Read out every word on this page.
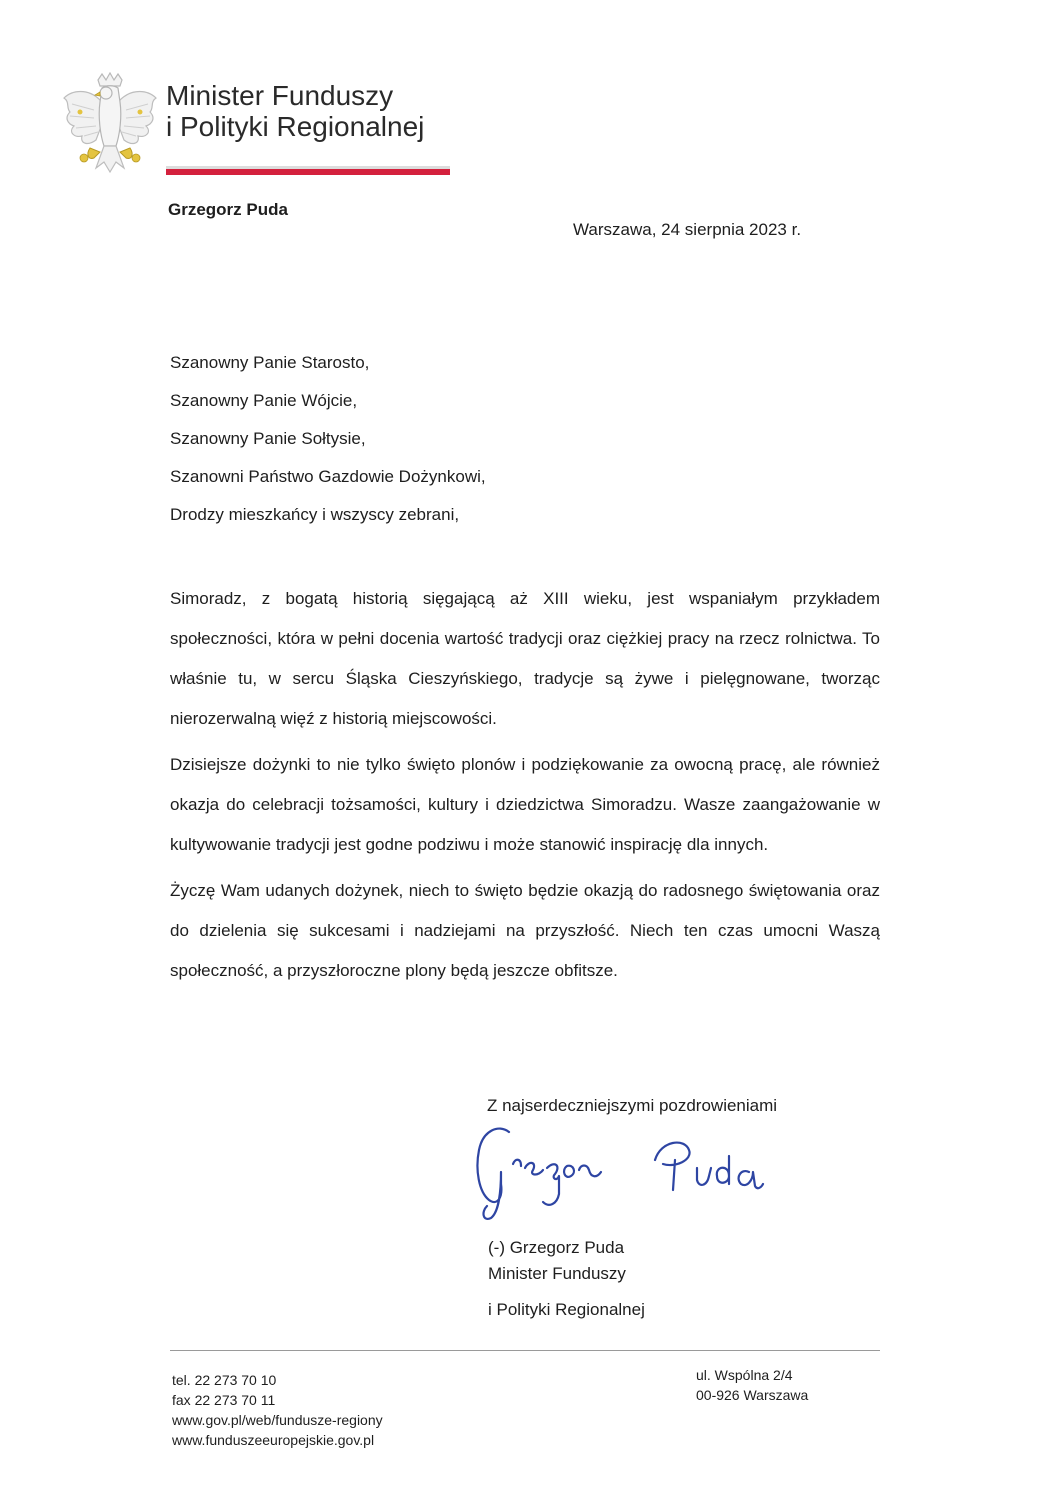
Minister Funduszy
i Polityki Regionalnej
Grzegorz Puda
Warszawa, 24 sierpnia 2023 r.
Szanowny Panie Starosto,
Szanowny Panie Wójcie,
Szanowny Panie Sołtysie,
Szanowni Państwo Gazdowie Dożynkowi,
Drodzy mieszkańcy i wszyscy zebrani,

Simoradz, z bogatą historią sięgającą aż XIII wieku, jest wspaniałym przykładem społeczności, która w pełni docenia wartość tradycji oraz ciężkiej pracy na rzecz rolnictwa. To właśnie tu, w sercu Śląska Cieszyńskiego, tradycje są żywe i pielęgnowane, tworząc nierozerwalną więź z historią miejscowości.

Dzisiejsze dożynki to nie tylko święto plonów i podziękowanie za owocną pracę, ale również okazja do celebracji tożsamości, kultury i dziedzictwa Simoradzu. Wasze zaangażowanie w kultywowanie tradycji jest godne podziwu i może stanowić inspirację dla innych.

Życzę Wam udanych dożynek, niech to święto będzie okazją do radosnego świętowania oraz do dzielenia się sukcesami i nadziejami na przyszłość. Niech ten czas umocni Waszą społeczność, a przyszłoroczne plony będą jeszcze obfitsze.

Z najserdeczniejszymi pozdrowieniami
(-) Grzegorz Puda
Minister Funduszy
i Polityki Regionalnej
tel. 22 273 70 10
fax 22 273 70 11
www.gov.pl/web/fundusze-regiony
www.funduszeeuropejskie.gov.pl
ul. Wspólna 2/4
00-926 Warszawa
